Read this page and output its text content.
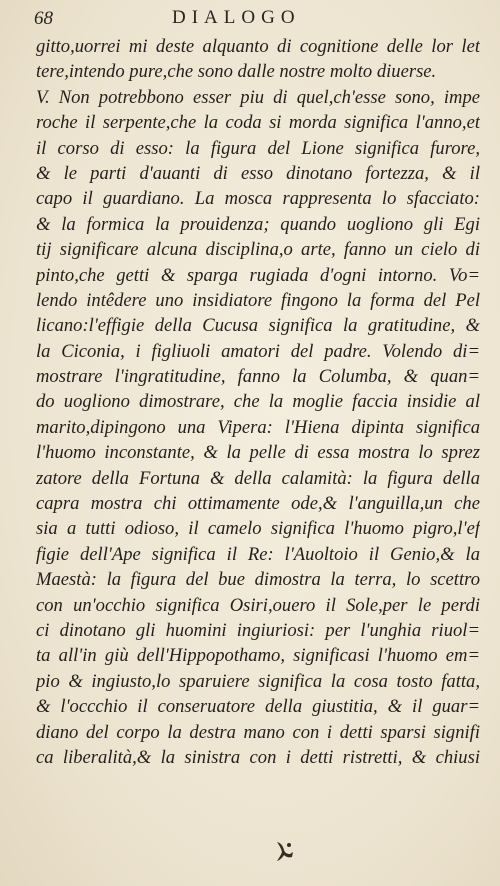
68	DIALOGO
gitto,uorrei mi deste alquanto di cognitione delle lor let
tere,intendo pure,che sono dalle nostre molto diuerse.
V. Non potrebbono esser piu di quel,ch'esse sono, impe
roche il serpente,che la coda si morda significa l'anno,et
il corso di esso: la figura del Lione significa furore,
& le parti d'auanti di esso dinotano fortezza, & il
capo il guardiano. La mosca rappresenta lo sfacciato:
& la formica la prouidenza; quando uogliono gli Egi
tij significare alcuna disciplina,o arte, fanno un cielo di
pinto,che getti & sparga rugiada d'ogni intorno. Vo=
lendo intêdere uno insidiatore fingono la forma del Pel
licano:l'effigie della Cucusa significa la gratitudine, &
la Ciconia, i figliuoli amatori del padre. Volendo di=
mostrare l'ingratitudine, fanno la Columba, & quan=
do uogliono dimostrare, che la moglie faccia insidie al
marito,dipingono una Vipera: l'Hiena dipinta significa
l'huomo inconstante, & la pelle di essa mostra lo sprez
zatore della Fortuna & della calamità: la figura della
capra mostra chi ottimamente ode,& l'anguilla,un che
sia a tutti odioso, il camelo significa l'huomo pigro,l'ef
figie dell'Ape significa il Re: l'Auoltoio il Genio,& la
Maestà: la figura del bue dimostra la terra, lo scettro
con un'occhio significa Osiri,ouero il Sole,per le perdi
ci dinotano gli huomini ingiuriosi: per l'unghia riuol=
ta all'in giù dell'Hippopothamo, significasi l'huomo em=
pio & ingiusto,lo sparuiere significa la cosa tosto fatta,
& l'occchio il conseruatore della giustitia, & il guar=
diano del corpo la destra mano con i detti sparsi signifi
ca liberalità,& la sinistra con i detti ristretti, & chiusi
